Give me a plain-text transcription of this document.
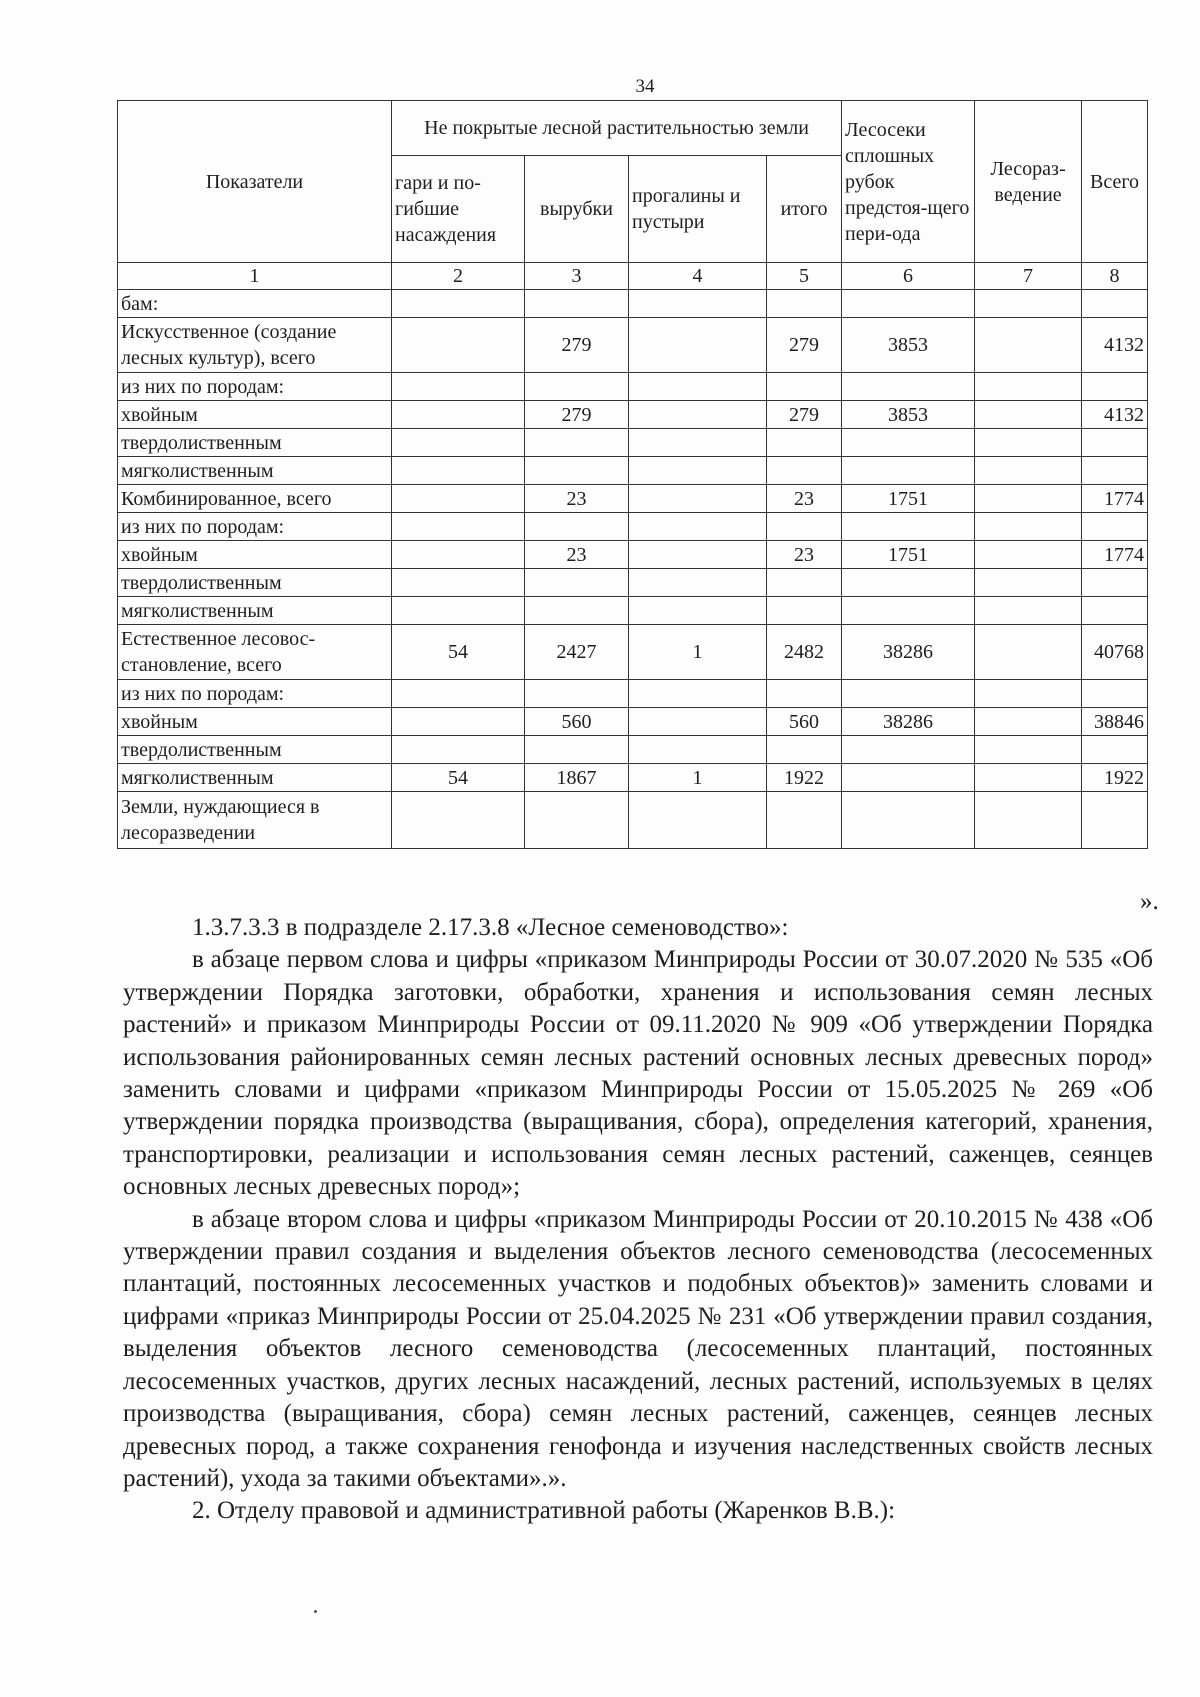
34
Показатели	Не покрытые лесной растительностью земли				Лесосеки сплошных рубок предстоя-щего пери-ода	Лесораз-ведение	Всего
	гари и по-гибшие насаждения	вырубки	прогалины и пустыри	итого			
1	2	3	4	5	6	7	8
бам:							
Искусственное (создание лесных культур), всего		279		279	3853		4132
из них по породам:							
хвойным		279		279	3853		4132
твердолиственным							
мягколиственным							
Комбинированное, всего		23		23	1751		1774
из них по породам:							
хвойным		23		23	1751		1774
твердолиственным							
мягколиственным							
Естественное лесовос-становление, всего	54	2427	1	2482	38286		40768
из них по породам:							
хвойным		560		560	38286		38846
твердолиственным							
мягколиственным	54	1867	1	1922			1922
Земли, нуждающиеся в лесоразведении							
».

1.3.7.3.3 в подразделе 2.17.3.8 «Лесное семеноводство»:

в абзаце первом слова и цифры «приказом Минприроды России от 30.07.2020 № 535 «Об утверждении Порядка заготовки, обработки, хранения и использования семян лесных растений» и приказом Минприроды России от 09.11.2020 № 909 «Об утверждении Порядка использования районированных семян лесных растений основных лесных древесных пород» заменить словами и цифрами «приказом Минприроды России от 15.05.2025 № 269 «Об утверждении порядка производства (выращивания, сбора), определения категорий, хранения, транспортировки, реализации и использования семян лесных растений, саженцев, сеянцев основных лесных древесных пород»;

в абзаце втором слова и цифры «приказом Минприроды России от 20.10.2015 № 438 «Об утверждении правил создания и выделения объектов лесного семеноводства (лесосеменных плантаций, постоянных лесосеменных участков и подобных объектов)» заменить словами и цифрами «приказ Минприроды России от 25.04.2025 № 231 «Об утверждении правил создания, выделения объектов лесного семеноводства (лесосеменных плантаций, постоянных лесосеменных участков, других лесных насаждений, лесных растений, используемых в целях производства (выращивания, сбора) семян лесных растений, саженцев, сеянцев лесных древесных пород, а также сохранения генофонда и изучения наследственных свойств лесных растений), ухода за такими объектами».».

2. Отделу правовой и административной работы (Жаренков В.В.):
